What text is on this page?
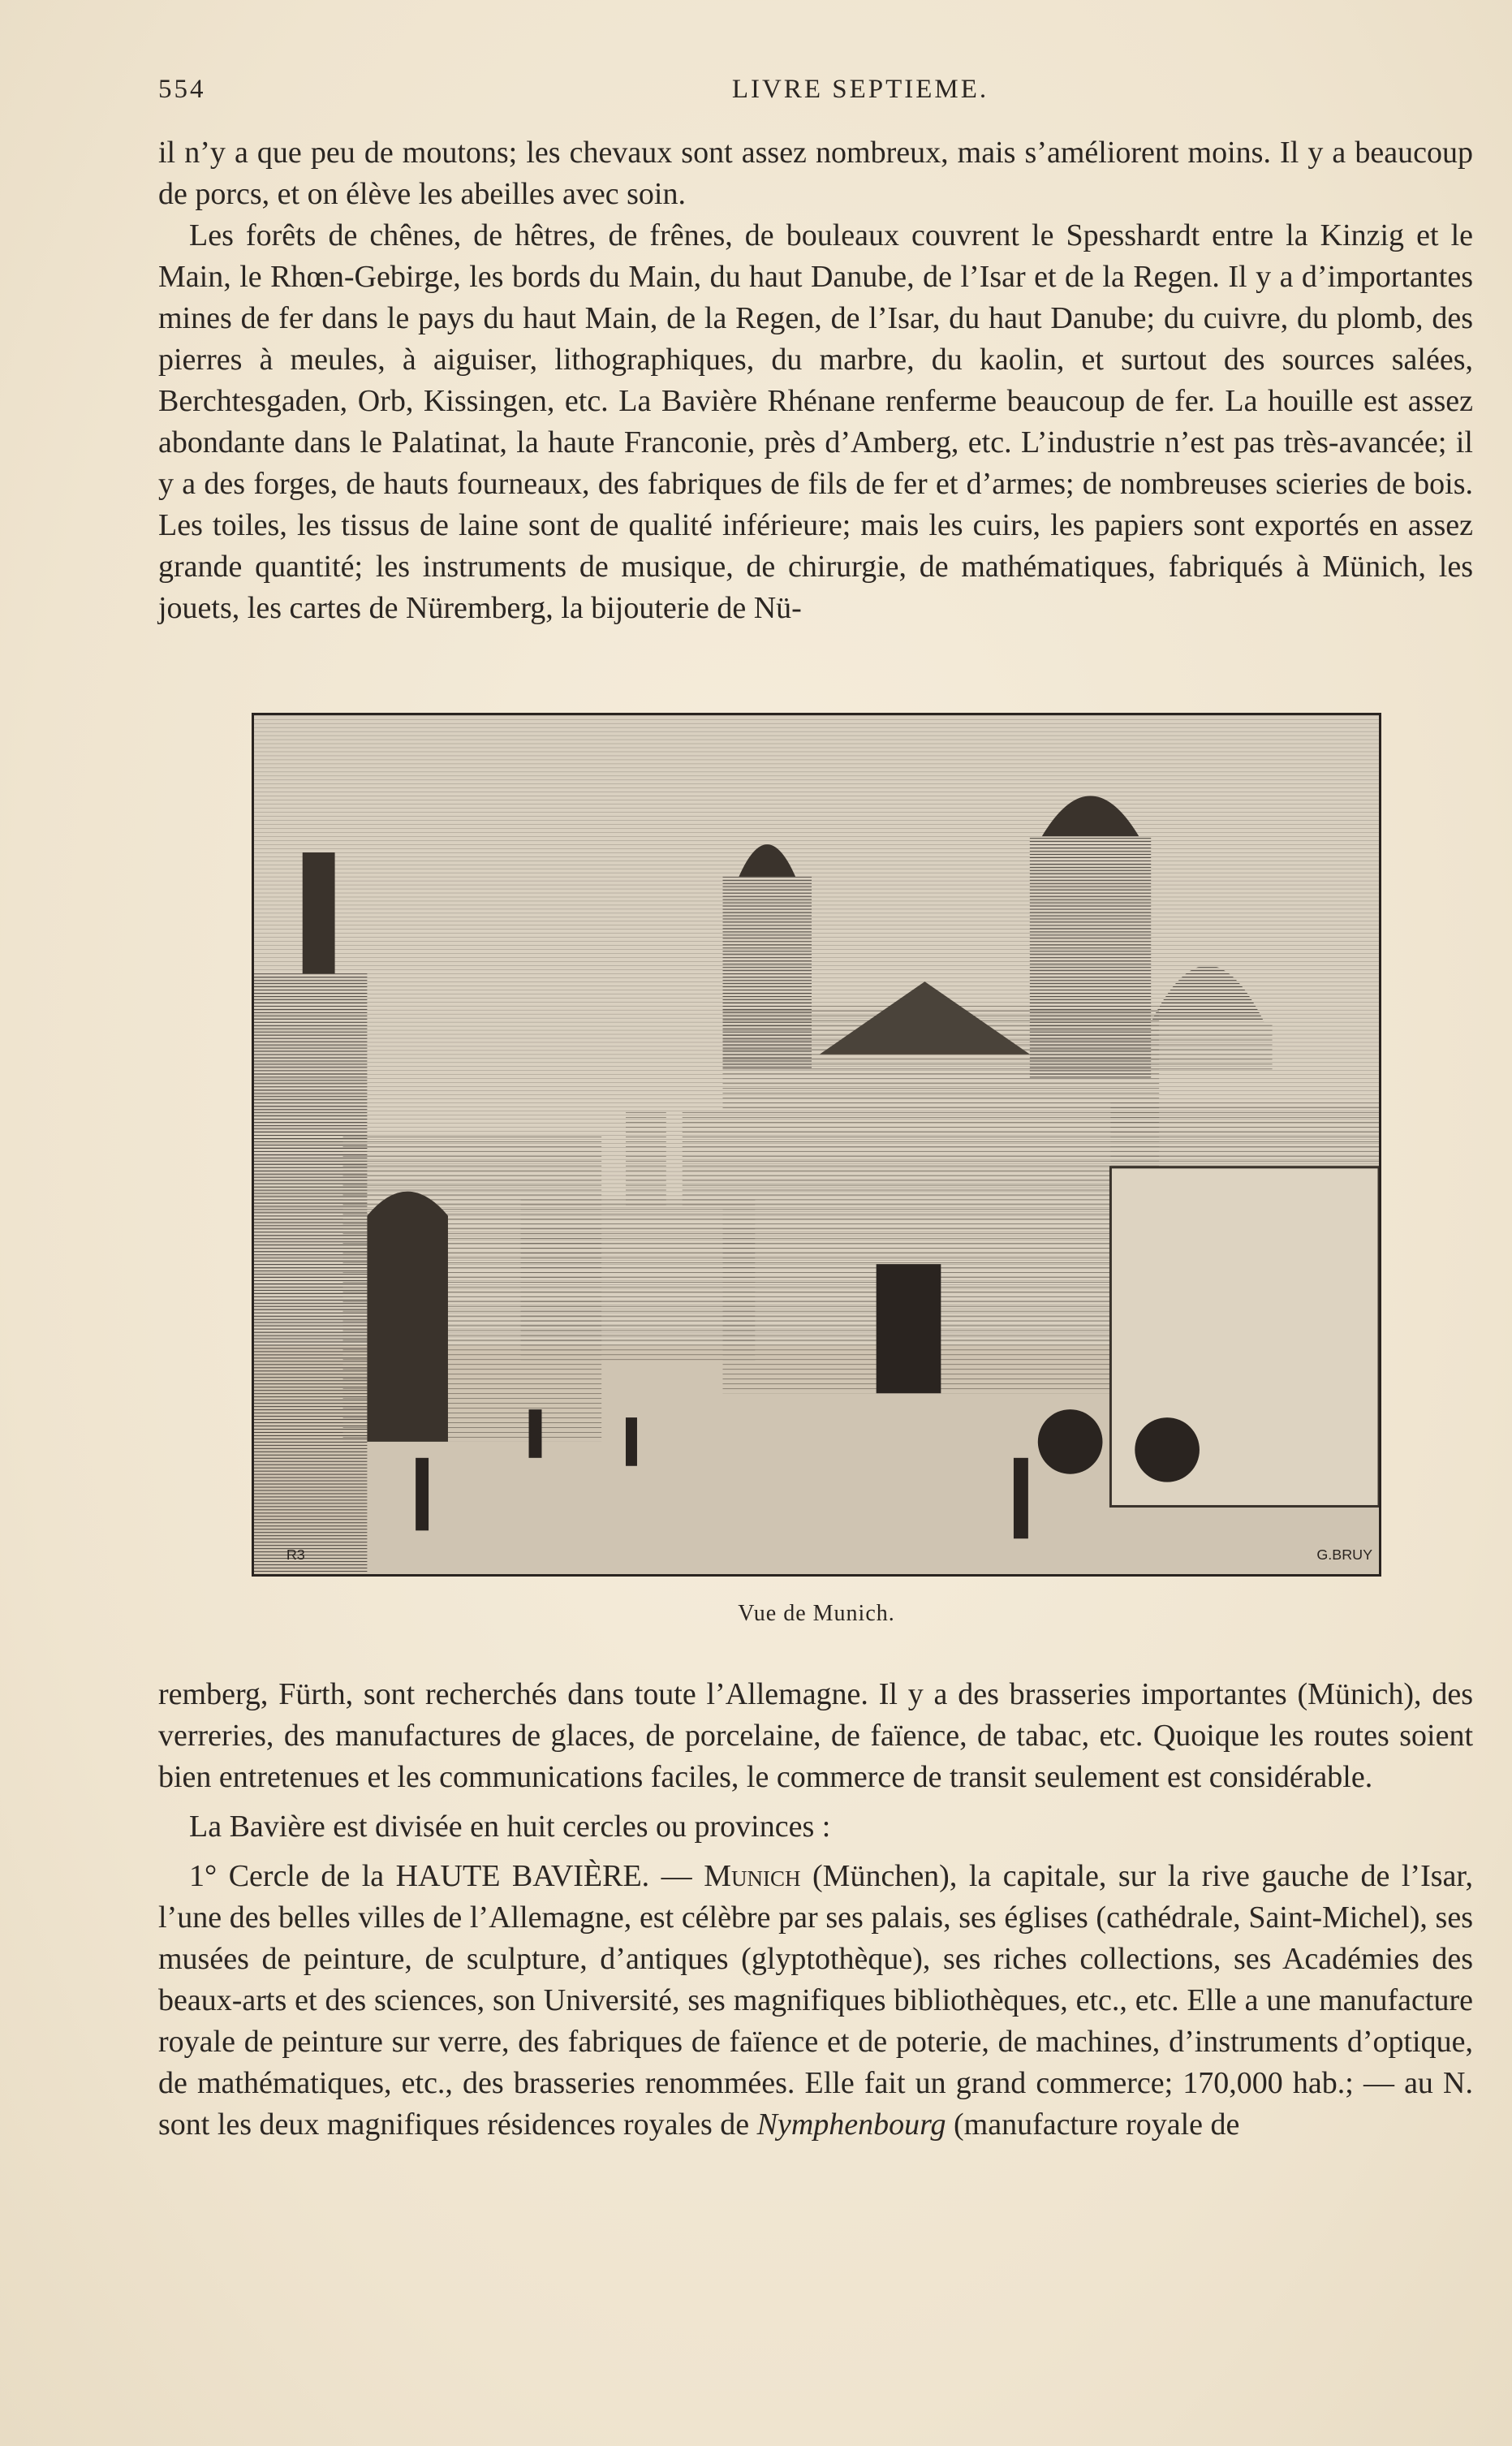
554	LIVRE SEPTIEME.

il n’y a que peu de moutons; les chevaux sont assez nombreux, mais s’améliorent moins. Il y a beaucoup de porcs, et on élève les abeilles avec soin.

Les forêts de chênes, de hêtres, de frênes, de bouleaux couvrent le Spesshardt entre la Kinzig et le Main, le Rhœn-Gebirge, les bords du Main, du haut Danube, de l’Isar et de la Regen. Il y a d’importantes mines de fer dans le pays du haut Main, de la Regen, de l’Isar, du haut Danube; du cuivre, du plomb, des pierres à meules, à aiguiser, lithographiques, du marbre, du kaolin, et surtout des sources salées, Berchtesgaden, Orb, Kissingen, etc. La Bavière Rhénane renferme beaucoup de fer. La houille est assez abondante dans le Palatinat, la haute Franconie, près d’Amberg, etc. L’industrie n’est pas très-avancée; il y a des forges, de hauts fourneaux, des fabriques de fils de fer et d’armes; de nombreuses scieries de bois. Les toiles, les tissus de laine sont de qualité inférieure; mais les cuirs, les papiers sont exportés en assez grande quantité; les instruments de musique, de chirurgie, de mathématiques, fabriqués à Münich, les jouets, les cartes de Nüremberg, la bijouterie de Nü-

G.BRUY
R3
Vue de Munich.

remberg, Fürth, sont recherchés dans toute l’Allemagne. Il y a des brasseries importantes (Münich), des verreries, des manufactures de glaces, de porcelaine, de faïence, de tabac, etc. Quoique les routes soient bien entretenues et les communications faciles, le commerce de transit seulement est considérable.

La Bavière est divisée en huit cercles ou provinces :

1° Cercle de la HAUTE BAVIÈRE. — Munich (München), la capitale, sur la rive gauche de l’Isar, l’une des belles villes de l’Allemagne, est célèbre par ses palais, ses églises (cathédrale, Saint-Michel), ses musées de peinture, de sculpture, d’antiques (glyptothèque), ses riches collections, ses Académies des beaux-arts et des sciences, son Université, ses magnifiques bibliothèques, etc., etc. Elle a une manufacture royale de peinture sur verre, des fabriques de faïence et de poterie, de machines, d’instruments d’optique, de mathématiques, etc., des brasseries renommées. Elle fait un grand commerce; 170,000 hab.; — au N. sont les deux magnifiques résidences royales de Nymphenbourg (manufacture royale de
